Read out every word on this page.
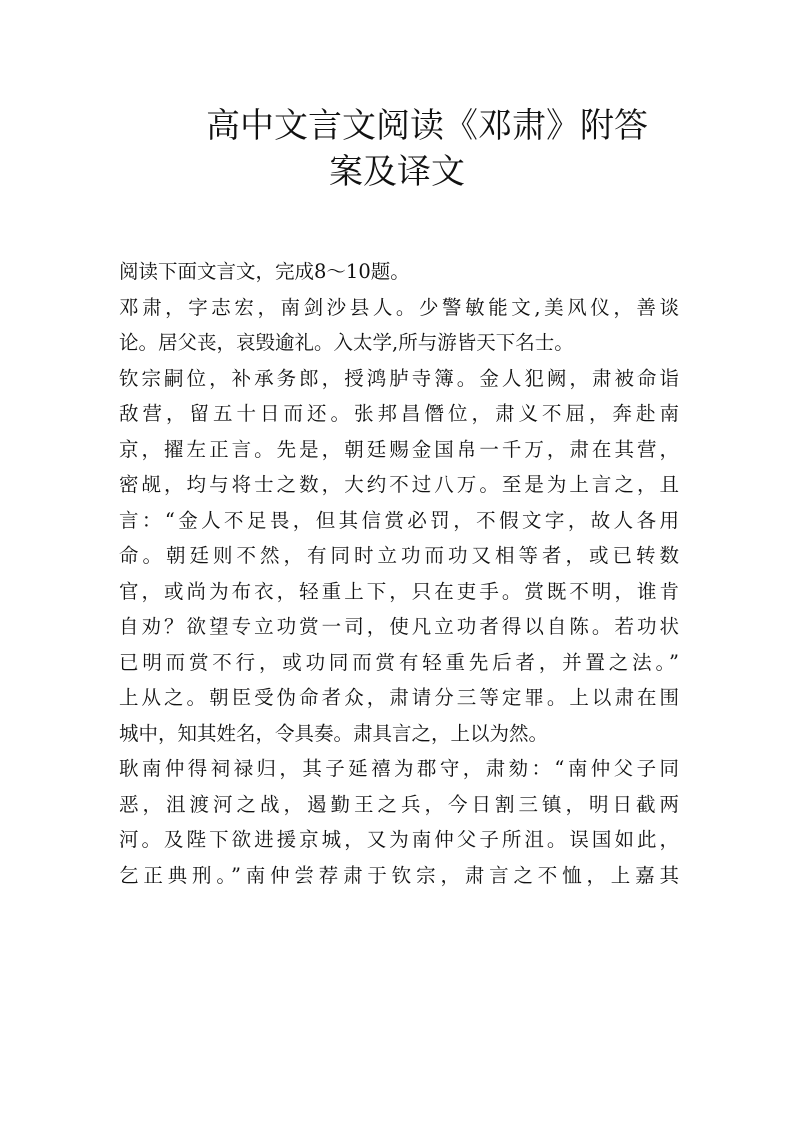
高中文言文阅读《邓肃》附答
案及译文
阅读下面文言文，完成8～10题。
邓肃，字志宏，南剑沙县人。少警敏能文,美风仪，善谈
论。居父丧，哀毁逾礼。入太学,所与游皆天下名士。
钦宗嗣位，补承务郎，授鸿胪寺簿。金人犯阙，肃被命诣
敌营，留五十日而还。张邦昌僭位，肃义不屈，奔赴南
京，擢左正言。先是，朝廷赐金国帛一千万，肃在其营，
密觇，均与将士之数，大约不过八万。至是为上言之，且
言：“金人不足畏，但其信赏必罚，不假文字，故人各用
命。朝廷则不然，有同时立功而功又相等者，或已转数
官，或尚为布衣，轻重上下，只在吏手。赏既不明，谁肯
自劝？欲望专立功赏一司，使凡立功者得以自陈。若功状
已明而赏不行，或功同而赏有轻重先后者，并置之法。”
上从之。朝臣受伪命者众，肃请分三等定罪。上以肃在围
城中，知其姓名，令具奏。肃具言之，上以为然。
耿南仲得祠禄归，其子延禧为郡守，肃劾：“南仲父子同
恶，沮渡河之战，遏勤王之兵，今日割三镇，明日截两
河。及陛下欲进援京城，又为南仲父子所沮。误国如此，
乞正典刑。”南仲尝荐肃于钦宗，肃言之不恤，上嘉其
